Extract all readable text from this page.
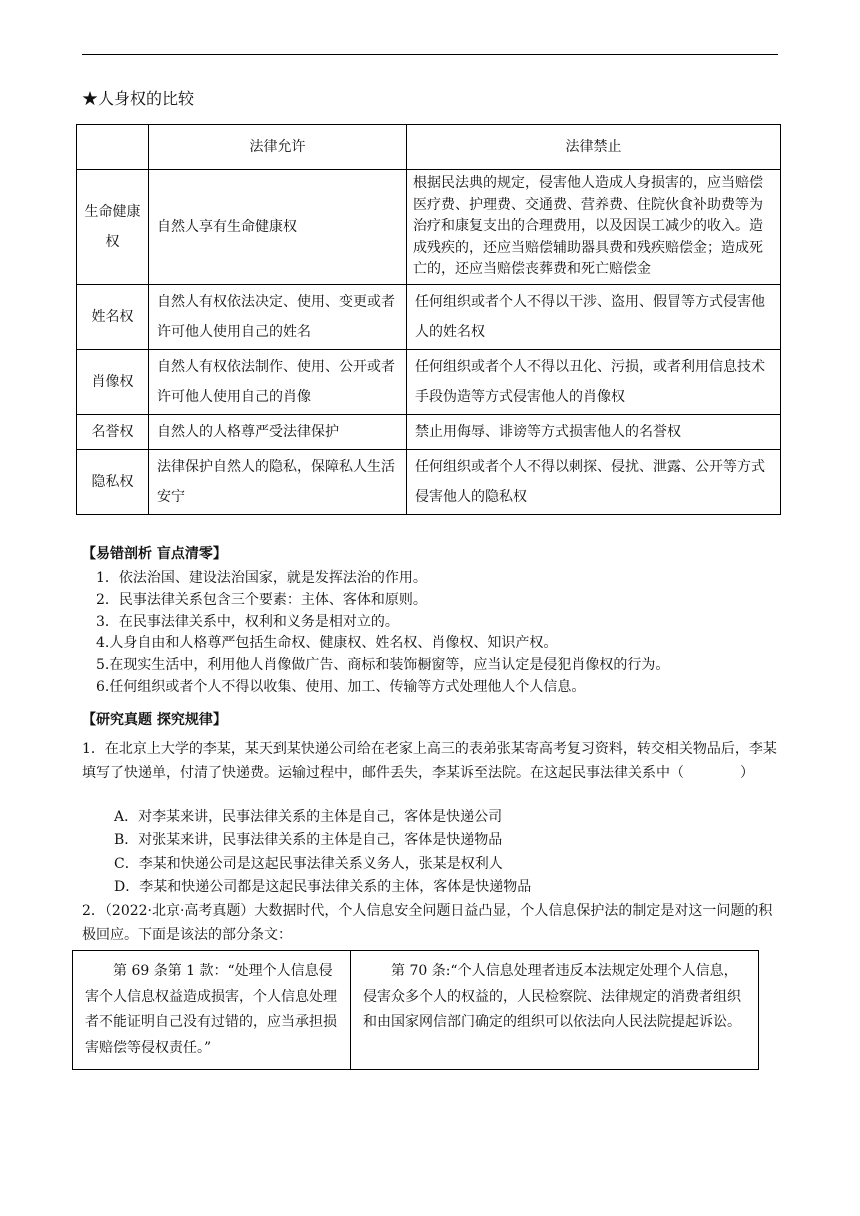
★人身权的比较
	法律允许	法律禁止
生命健康权	自然人享有生命健康权	根据民法典的规定，侵害他人造成人身损害的，应当赔偿医疗费、护理费、交通费、营养费、住院伙食补助费等为治疗和康复支出的合理费用，以及因误工减少的收入。造成残疾的，还应当赔偿辅助器具费和残疾赔偿金；造成死亡的，还应当赔偿丧葬费和死亡赔偿金
姓名权	自然人有权依法决定、使用、变更或者许可他人使用自己的姓名	任何组织或者个人不得以干涉、盗用、假冒等方式侵害他人的姓名权
肖像权	自然人有权依法制作、使用、公开或者许可他人使用自己的肖像	任何组织或者个人不得以丑化、污损，或者利用信息技术手段伪造等方式侵害他人的肖像权
名誉权	自然人的人格尊严受法律保护	禁止用侮辱、诽谤等方式损害他人的名誉权
隐私权	法律保护自然人的隐私，保障私人生活安宁	任何组织或者个人不得以刺探、侵扰、泄露、公开等方式侵害他人的隐私权
【易错剖析 盲点清零】
1．依法治国、建设法治国家，就是发挥法治的作用。
2．民事法律关系包含三个要素：主体、客体和原则。
3．在民事法律关系中，权利和义务是相对立的。
4.人身自由和人格尊严包括生命权、健康权、姓名权、肖像权、知识产权。
5.在现实生活中，利用他人肖像做广告、商标和装饰橱窗等，应当认定是侵犯肖像权的行为。
6.任何组织或者个人不得以收集、使用、加工、传输等方式处理他人个人信息。
【研究真题 探究规律】

1．在北京上大学的李某，某天到某快递公司给在老家上高三的表弟张某寄高考复习资料，转交相关物品后，李某填写了快递单，付清了快递费。运输过程中，邮件丢失，李某诉至法院。在这起民事法律关系中（　　　　）

A．对李某来讲，民事法律关系的主体是自己，客体是快递公司
B．对张某来讲，民事法律关系的主体是自己，客体是快递物品
C．李某和快递公司是这起民事法律关系义务人，张某是权利人
D．李某和快递公司都是这起民事法律关系的主体，客体是快递物品

2．（2022·北京·高考真题）大数据时代，个人信息安全问题日益凸显，个人信息保护法的制定是对这一问题的积极回应。下面是该法的部分条文：

第 69 条第 1 款：“处理个人信息侵害个人信息权益造成损害，个人信息处理者不能证明自己没有过错的，应当承担损害赔偿等侵权责任。”	第 70 条:“个人信息处理者违反本法规定处理个人信息，侵害众多个人的权益的，人民检察院、法律规定的消费者组织和由国家网信部门确定的组织可以依法向人民法院提起诉讼。
